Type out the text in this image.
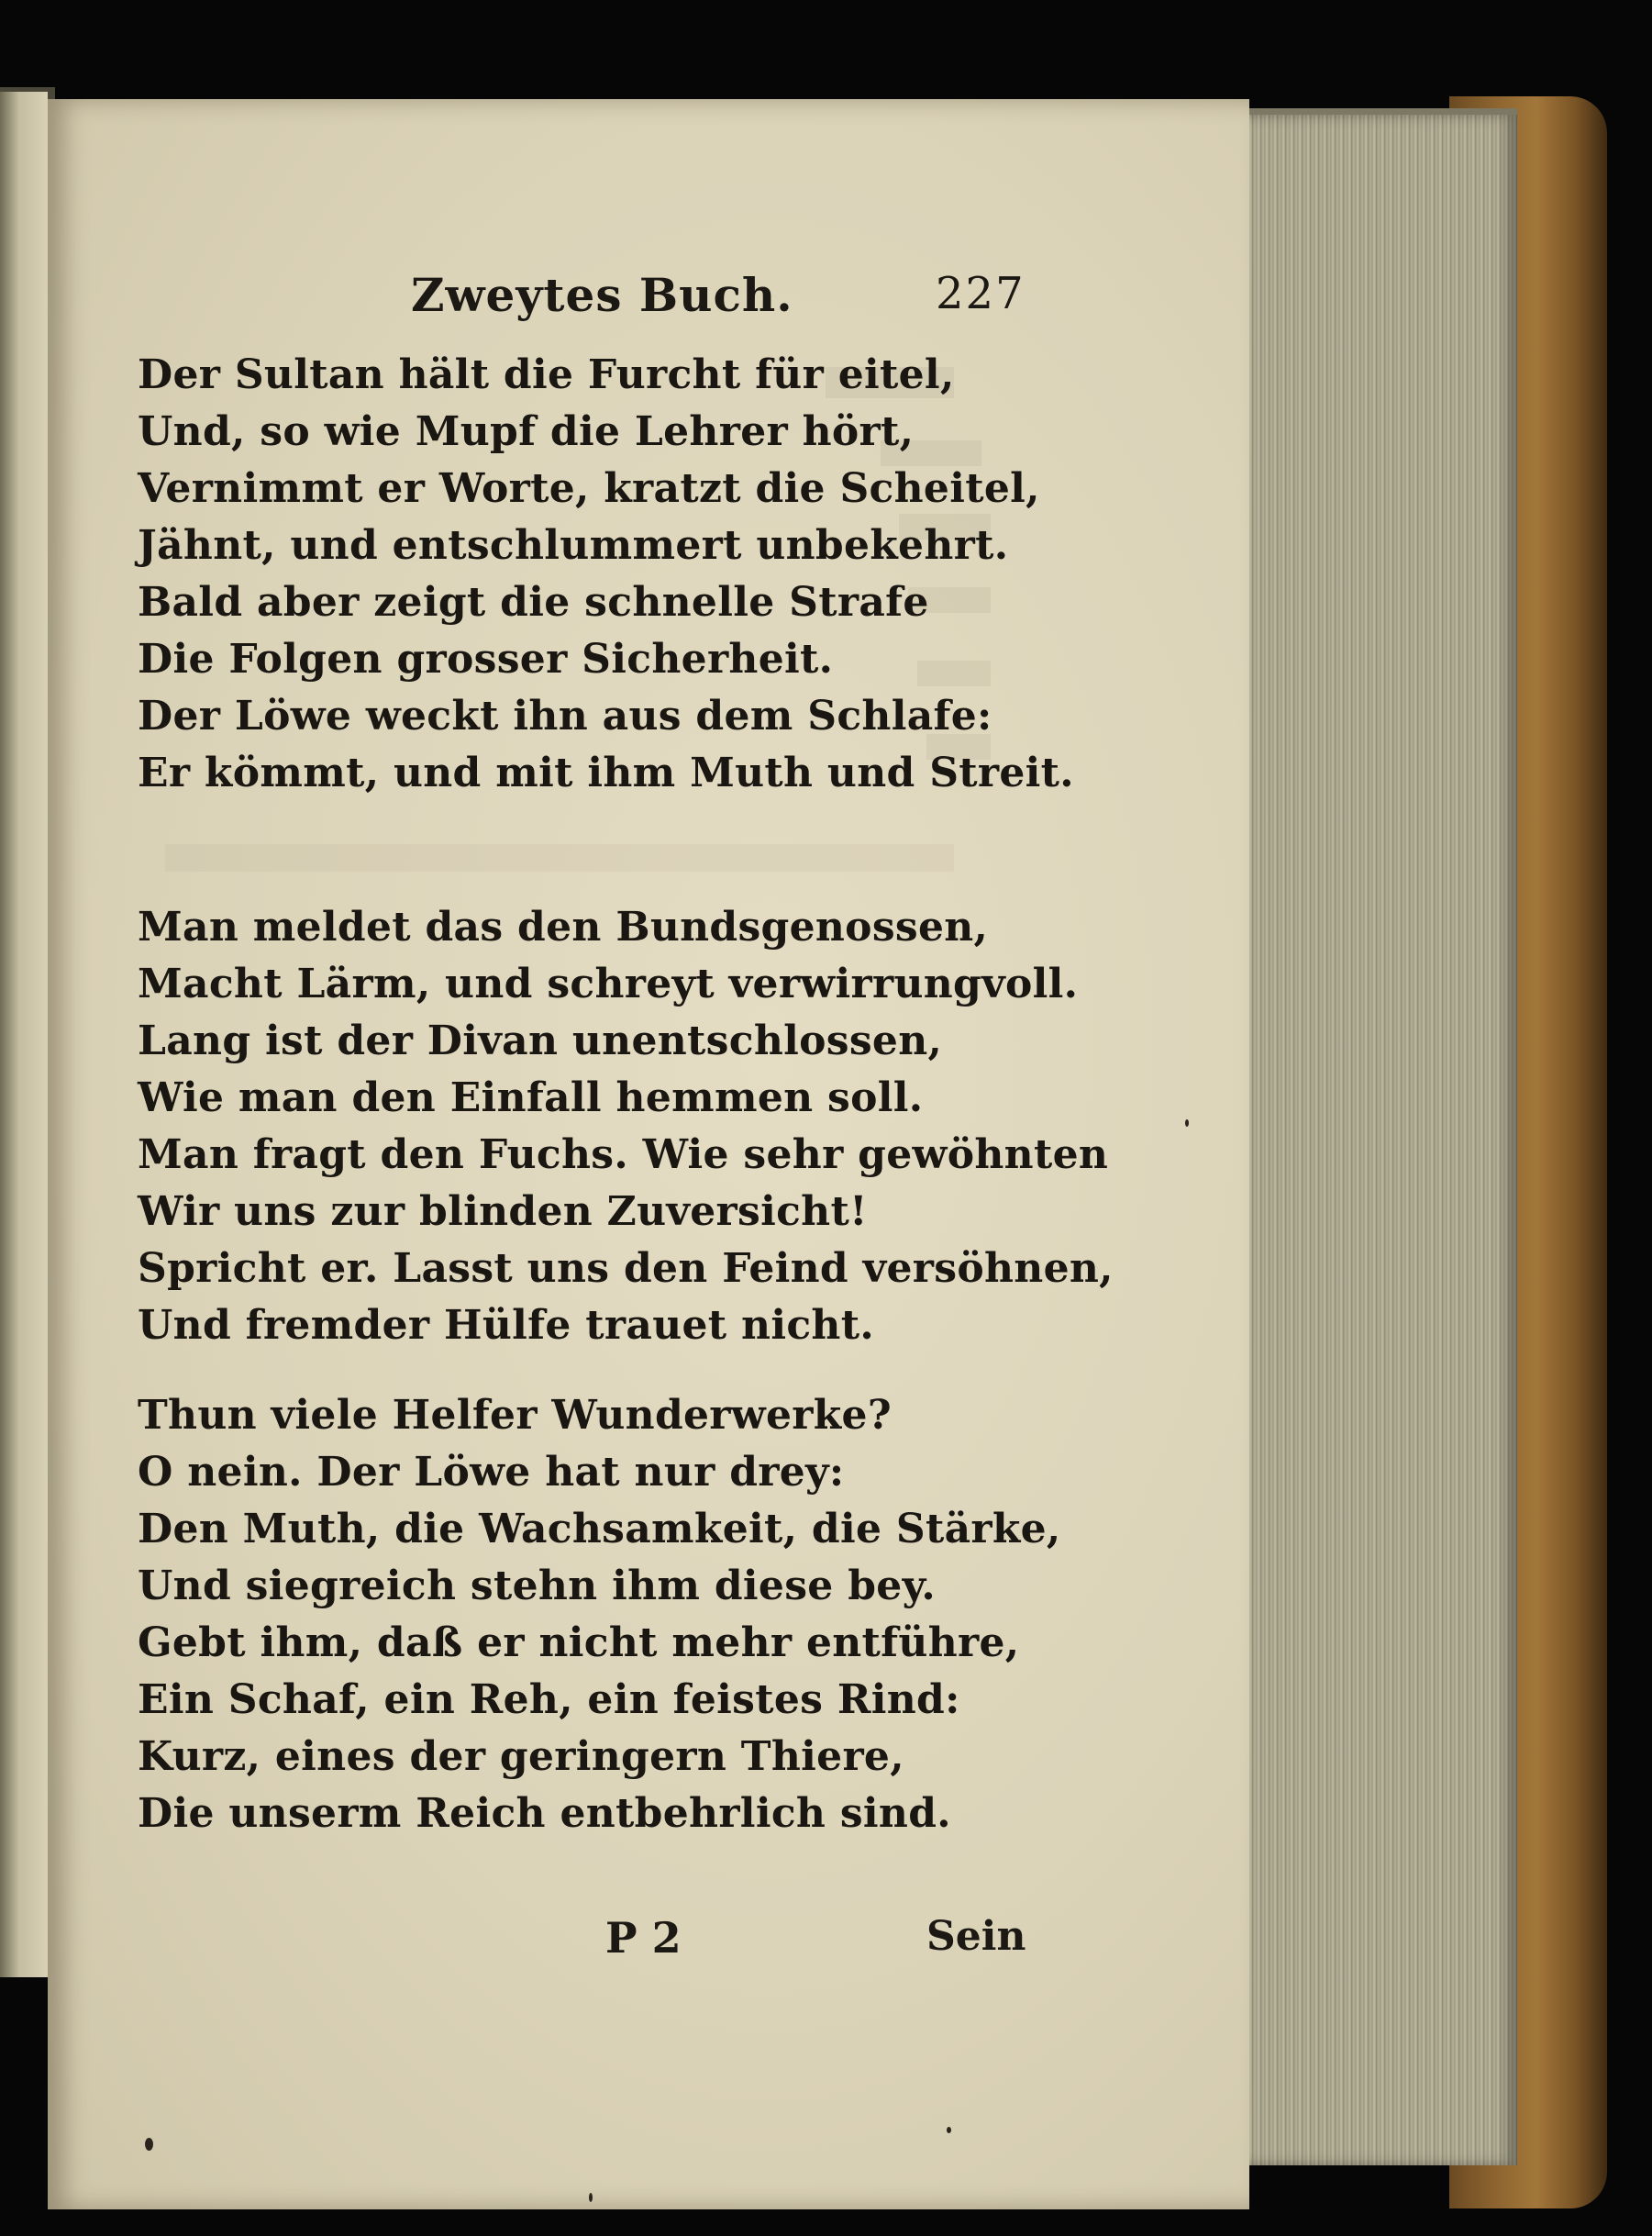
Zweytes Buch.	227
Der Sultan hält die Furcht für eitel,
Und, so wie Mupf die Lehrer hört,
Vernimmt er Worte, kratzt die Scheitel,
Jähnt, und entschlummert unbekehrt.
Bald aber zeigt die schnelle Strafe
Die Folgen grosser Sicherheit.
Der Löwe weckt ihn aus dem Schlafe:
Er kömmt, und mit ihm Muth und Streit.
Man meldet das den Bundsgenossen,
Macht Lärm, und schreyt verwirrungvoll.
Lang ist der Divan unentschlossen,
Wie man den Einfall hemmen soll.
Man fragt den Fuchs. Wie sehr gewöhnten
Wir uns zur blinden Zuversicht!
Spricht er. Lasst uns den Feind versöhnen,
Und fremder Hülfe trauet nicht.
Thun viele Helfer Wunderwerke?
O nein. Der Löwe hat nur drey:
Den Muth, die Wachsamkeit, die Stärke,
Und siegreich stehn ihm diese bey.
Gebt ihm, daß er nicht mehr entführe,
Ein Schaf, ein Reh, ein feistes Rind:
Kurz, eines der geringern Thiere,
Die unserm Reich entbehrlich sind.
P 2	Sein
